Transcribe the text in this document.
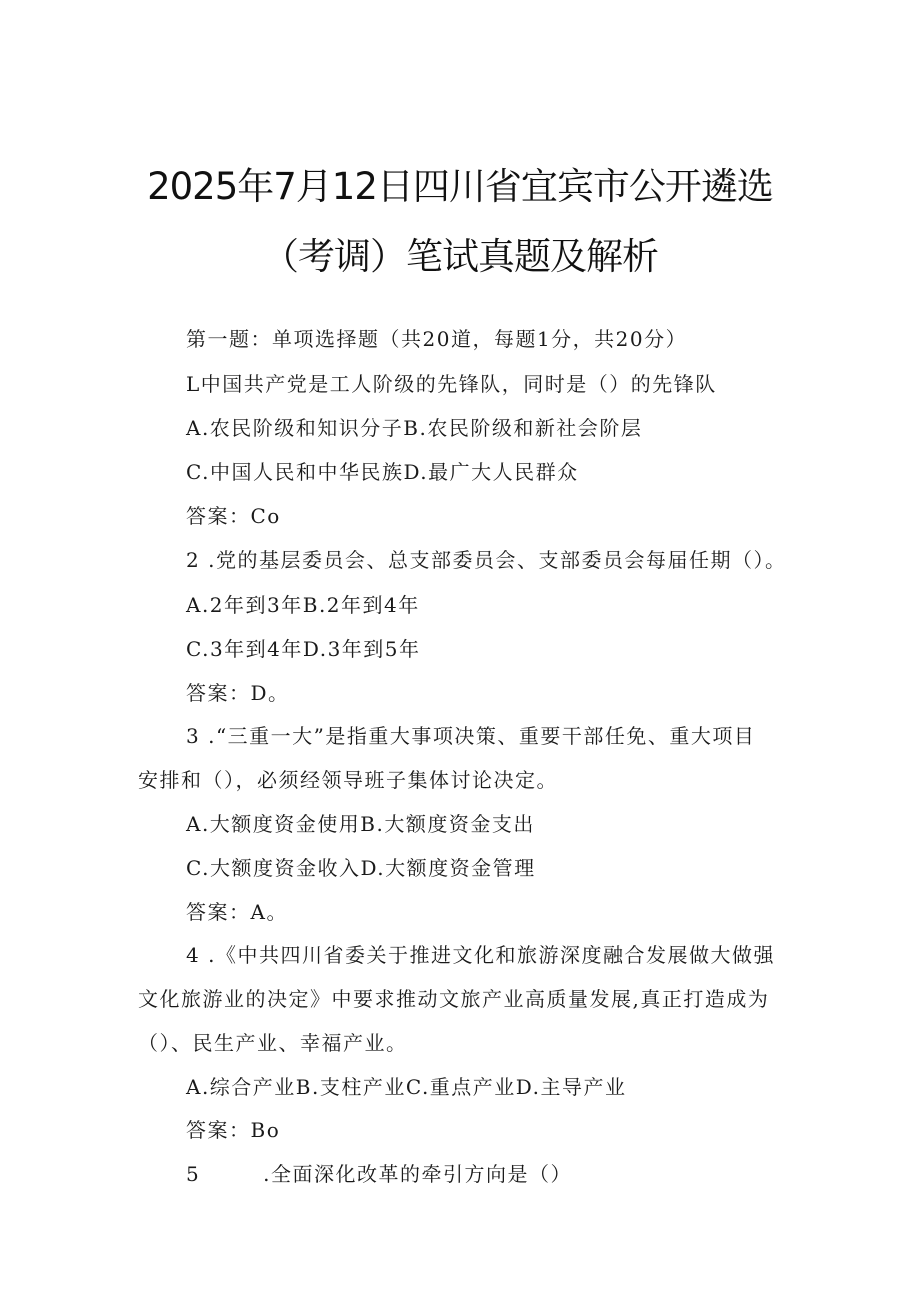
2025年7月12日四川省宜宾市公开遴选
（考调）笔试真题及解析
第一题：单项选择题（共20道，每题1分，共20分）
L中国共产党是工人阶级的先锋队，同时是（）的先锋队
A.农民阶级和知识分子B.农民阶级和新社会阶层
C.中国人民和中华民族D.最广大人民群众
答案：Co
2 .党的基层委员会、总支部委员会、支部委员会每届任期（）。
A.2年到3年B.2年到4年
C.3年到4年D.3年到5年
答案：D。
3 .“三重一大”是指重大事项决策、重要干部任免、重大项目
安排和（），必须经领导班子集体讨论决定。
A.大额度资金使用B.大额度资金支出
C.大额度资金收入D.大额度资金管理
答案：A。
4 .《中共四川省委关于推进文化和旅游深度融合发展做大做强
文化旅游业的决定》中要求推动文旅产业高质量发展,真正打造成为
（）、民生产业、幸福产业。
A.综合产业B.支柱产业C.重点产业D.主导产业
答案：Bo
5        .全面深化改革的牵引方向是（）
